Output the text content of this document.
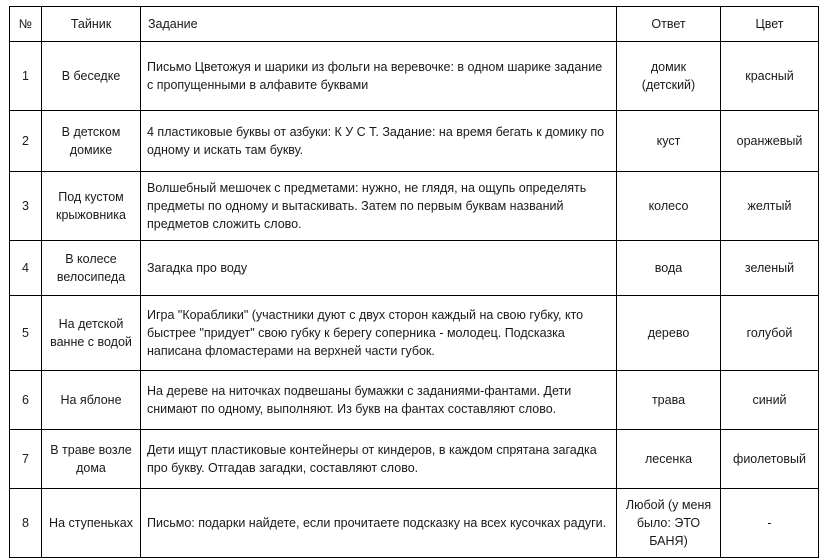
№	Тайник	Задание	Ответ	Цвет
1	В беседке	Письмо Цветожуя и шарики из фольги на веревочке: в одном шарике задание с пропущенными в алфавите буквами	домик (детский)	красный
2	В детском домике	4 пластиковые буквы от азбуки: К У С Т. Задание: на время бегать к домику по одному и искать там букву.	куст	оранжевый
3	Под кустом крыжовника	Волшебный мешочек с предметами: нужно, не глядя, на ощупь определять предметы по одному и вытаскивать. Затем по первым буквам названий предметов сложить слово.	колесо	желтый
4	В колесе велосипеда	Загадка про воду	вода	зеленый
5	На детской ванне с водой	Игра "Кораблики" (участники дуют с двух сторон каждый на свою губку, кто быстрее "придует" свою губку к берегу соперника - молодец. Подсказка написана фломастерами на верхней части губок.	дерево	голубой
6	На яблоне	На дереве на ниточках подвешаны бумажки с заданиями-фантами. Дети снимают по одному, выполняют. Из букв на фантах составляют слово.	трава	синий
7	В траве возле дома	Дети ищут пластиковые контейнеры от киндеров, в каждом спрятана загадка про букву. Отгадав загадки, составляют слово.	лесенка	фиолетовый
8	На ступеньках	Письмо: подарки найдете, если прочитаете подсказку на всех кусочках радуги.	Любой (у меня было: ЭТО БАНЯ)	-
